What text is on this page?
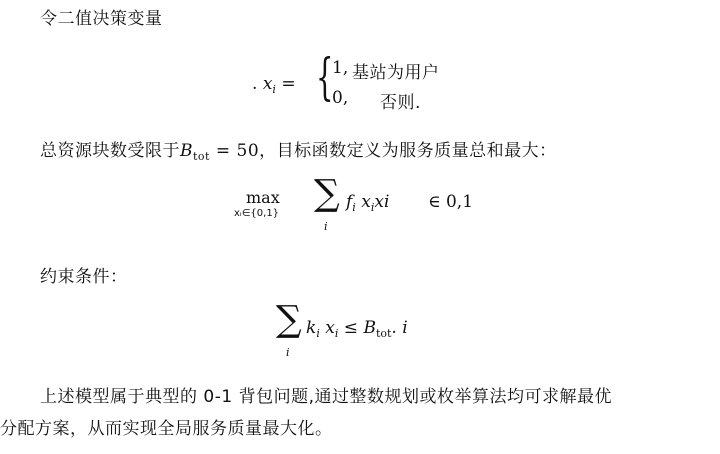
令二值决策变量
. $x_i$ = {
1, 基站为用户
0, 否则.
总资源块数受限于$B_{tot} = 50$，目标函数定义为服务质量总和最大：
max
xᵢ∈{0,1} ∑
i
$f_i$ $x_ixi$ ∈ 0,1
约束条件：
∑
i
$k_i$ $x_i \le B_{tot}$. i
上述模型属于典型的 0-1 背包问题,通过整数规划或枚举算法均可求解最优
分配方案，从而实现全局服务质量最大化。
